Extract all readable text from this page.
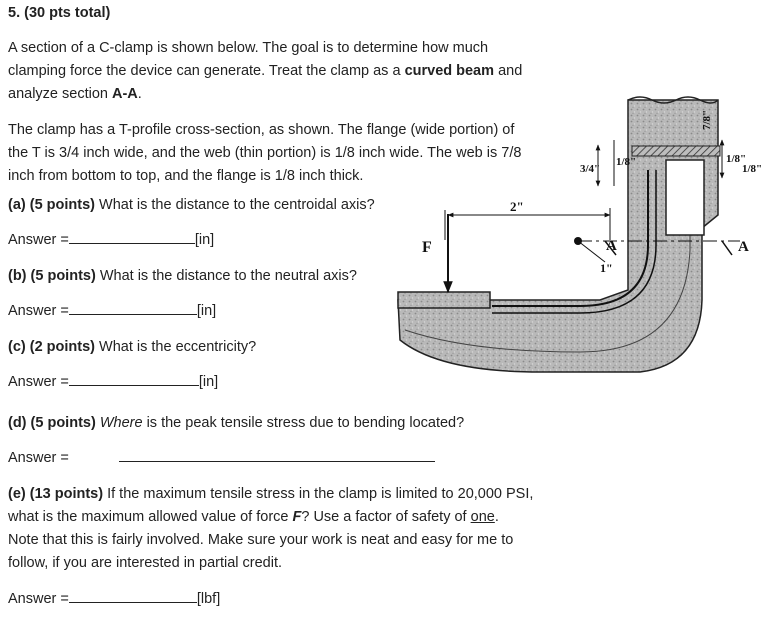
5. (30 pts total)
A section of a C-clamp is shown below. The goal is to determine how much
clamping force the device can generate. Treat the clamp as a curved beam and
analyze section A-A.
The clamp has a T-profile cross-section, as shown. The flange (wide portion) of
the T is 3/4 inch wide, and the web (thin portion) is 1/8 inch wide. The web is 7/8
inch from bottom to top, and the flange is 1/8 inch thick.
(a) (5 points) What is the distance to the centroidal axis?
Answer =	[in]
(b) (5 points) What is the distance to the neutral axis?
Answer =	[in]
(c) (2 points) What is the eccentricity?
Answer =	[in]
(d) (5 points) Where is the peak tensile stress due to bending located?
Answer =
(e) (13 points) If the maximum tensile stress in the clamp is limited to 20,000 PSI,
what is the maximum allowed value of force F? Use a factor of safety of one.
Note that this is fairly involved. Make sure your work is neat and easy for me to
follow, if you are interested in partial credit.
Answer =	[lbf]
F
2"
A	A
1"
3/4"
1/8"
7/8"
1/8"
1/8"
